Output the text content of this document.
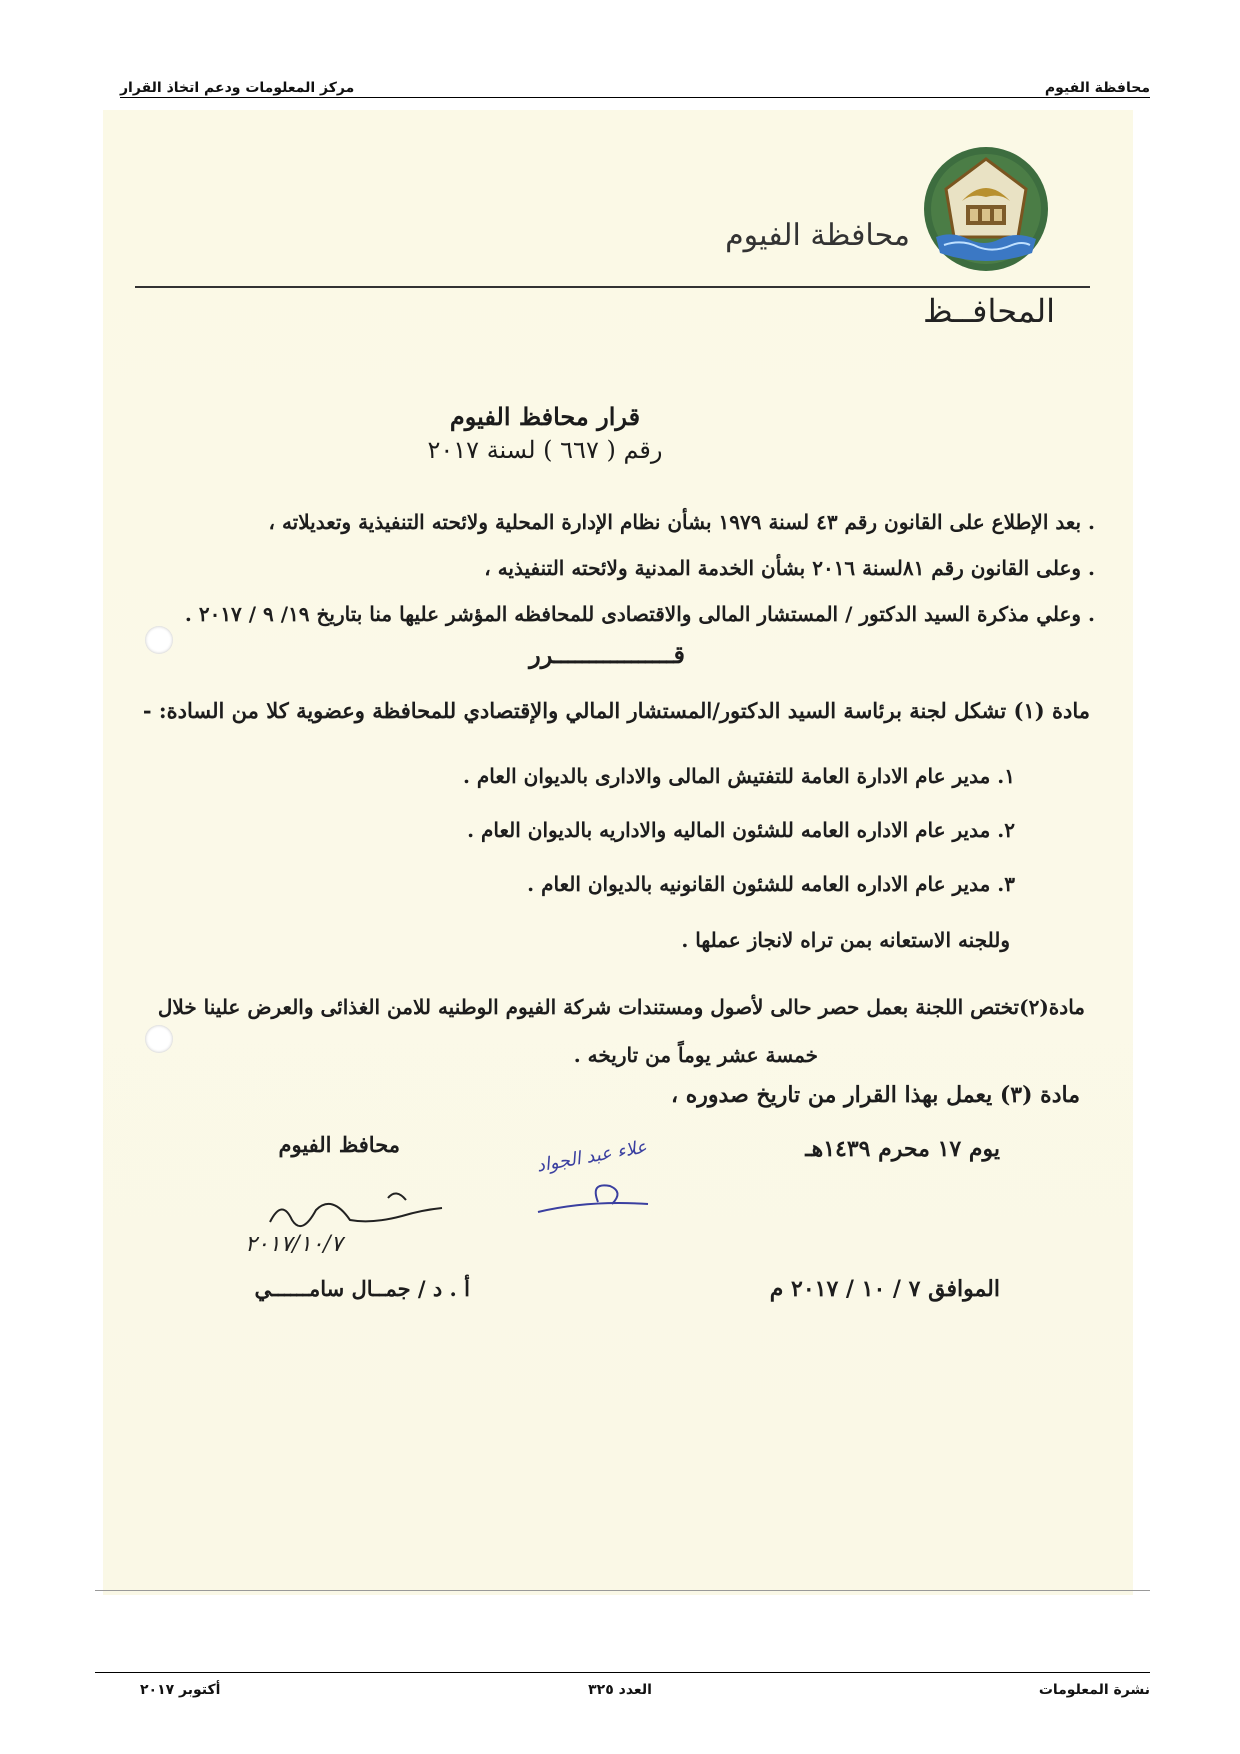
محافظة الفيوم
مركز المعلومات ودعم اتخاذ القرار
محافظة الفيوم
المحافــظ
قرار محافظ الفيوم
رقم ( ٦٦٧ ) لسنة ٢٠١٧
. بعد الإطلاع على القانون رقم ٤٣ لسنة ١٩٧٩ بشأن نظام الإدارة المحلية ولائحته التنفيذية وتعديلاته ،
. وعلى القانون رقم ٨١لسنة ٢٠١٦ بشأن الخدمة المدنية ولائحته التنفيذيه ،
. وعلي مذكرة السيد الدكتور / المستشار المالى والاقتصادى للمحافظه المؤشر عليها منا بتاريخ ١٩/ ٩ / ٢٠١٧ .
قـــــــــــــــــرر
مادة (١) تشكل لجنة برئاسة السيد الدكتور/المستشار المالي والإقتصادي للمحافظة وعضوية كلا من السادة: -
١. مدير عام الادارة العامة للتفتيش المالى والادارى بالديوان العام .
٢. مدير عام الاداره العامه للشئون الماليه والاداريه بالديوان العام .
٣. مدير عام الاداره العامه للشئون القانونيه بالديوان العام .
وللجنه الاستعانه بمن تراه لانجاز عملها .
مادة(٢)تختص اللجنة بعمل حصر حالى لأصول ومستندات شركة الفيوم الوطنيه للامن الغذائى والعرض علينا خلال
خمسة عشر يوماً من تاريخه .
مادة (٣) يعمل بهذا القرار من تاريخ صدوره ،
يوم ١٧ محرم ١٤٣٩هـ
الموافق ٧ / ١٠ / ٢٠١٧ م
علاء عبد الجواد
محافظ الفيوم
٢٠١٧/١٠/٧
أ . د / جمــال سامــــــي
نشرة المعلومات
العدد ٣٢٥
أكتوبر ٢٠١٧
